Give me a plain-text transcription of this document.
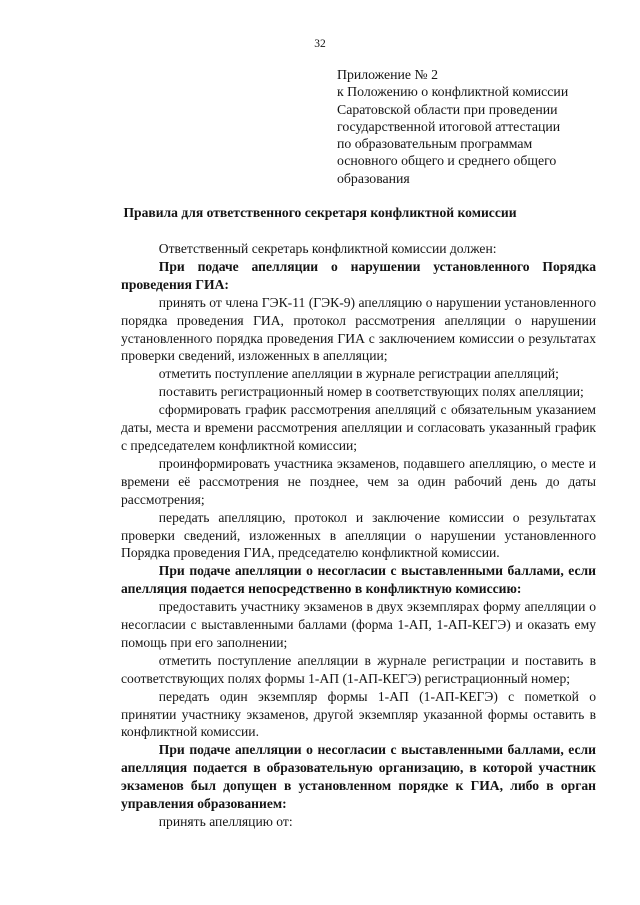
32
Приложение № 2
к Положению о конфликтной комиссии
Саратовской области при проведении
государственной итоговой аттестации
по образовательным программам
основного общего и среднего общего
образования
Правила для ответственного секретаря конфликтной комиссии

Ответственный секретарь конфликтной комиссии должен:

При подаче апелляции о нарушении установленного Порядка проведения ГИА:

принять от члена ГЭК-11 (ГЭК-9) апелляцию о нарушении установленного порядка проведения ГИА, протокол рассмотрения апелляции о нарушении установленного порядка проведения ГИА с заключением комиссии о результатах проверки сведений, изложенных в апелляции;

отметить поступление апелляции в журнале регистрации апелляций;

поставить регистрационный номер в соответствующих полях апелляции;

сформировать график рассмотрения апелляций с обязательным указанием даты, места и времени рассмотрения апелляции и согласовать указанный график с председателем конфликтной комиссии;

проинформировать участника экзаменов, подавшего апелляцию, о месте и времени её рассмотрения не позднее, чем за один рабочий день до даты рассмотрения;

передать апелляцию, протокол и заключение комиссии о результатах проверки сведений, изложенных в апелляции о нарушении установленного Порядка проведения ГИА, председателю конфликтной комиссии.

При подаче апелляции о несогласии с выставленными баллами, если апелляция подается непосредственно в конфликтную комиссию:

предоставить участнику экзаменов в двух экземплярах форму апелляции о несогласии с выставленными баллами (форма 1-АП, 1-АП-КЕГЭ) и оказать ему помощь при его заполнении;

отметить поступление апелляции в журнале регистрации и поставить в соответствующих полях формы 1-АП (1-АП-КЕГЭ) регистрационный номер;

передать один экземпляр формы 1-АП (1-АП-КЕГЭ) с пометкой о принятии участнику экзаменов, другой экземпляр указанной формы оставить в конфликтной комиссии.

При подаче апелляции о несогласии с выставленными баллами, если апелляция подается в образовательную организацию, в которой участник экзаменов был допущен в установленном порядке к ГИА, либо в орган управления образованием:

принять апелляцию от:
